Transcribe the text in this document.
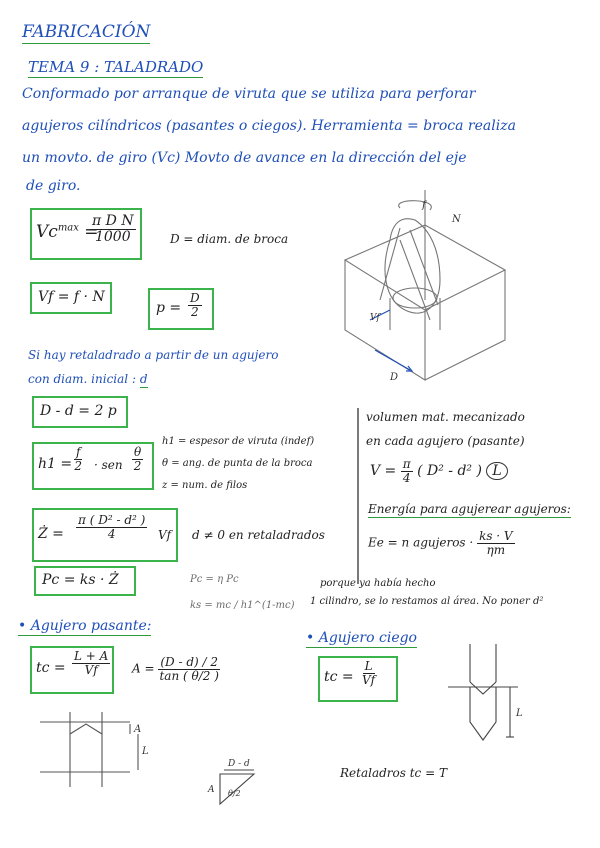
FABRICACIÓN
TEMA 9 : TALADRADO
Conformado por arranque de viruta que se utiliza para perforar
agujeros cilíndricos (pasantes o ciegos). Herramienta = broca realiza
un movto. de giro (Vc) Movto de avance en la dirección del eje
de giro.
$Vc^{max}$ =
$\frac{\text{π D N}}{1000}$	D = diam. de broca
f
N
D
Vf
Vf = f · N
$p = \frac{D}{2}$
Si hay retaladrado a partir de un agujero
con diam. inicial : d
D - d = 2 p
$h1 = \frac{f}{2}$ · sen $\frac{\theta}{2}$
h1 = espesor de viruta (indef)
θ = ang. de punta de la broca
z = num. de filos
Ż = $\frac{\text{π ( D² - d² )}}{4}$ Vf d ≠ 0 en retaladrados
Pc = ks · Ż	Pc = η Pc
ks = mc / h1^(1-mc)
volumen mat. mecanizado
en cada agujero (pasante)
$V = \frac{\pi}{4}$ ( D² - d² ) L
Energía para agujerear agujeros:
Ee = n agujeros · $\frac{ks \cdot V}{\eta m}$
porque ya había hecho
1 cilindro, se lo restamos al área. No poner d²
• Agujero pasante:
tc = $\frac{L + A}{Vf}$ $A = \frac{(D - d) / 2}{\tan ( \theta/2 )}$
• Agujero ciego
tc = $\frac{L}{Vf}$
L
A
L
D - d
θ/2
A
Retaladros tc = T
